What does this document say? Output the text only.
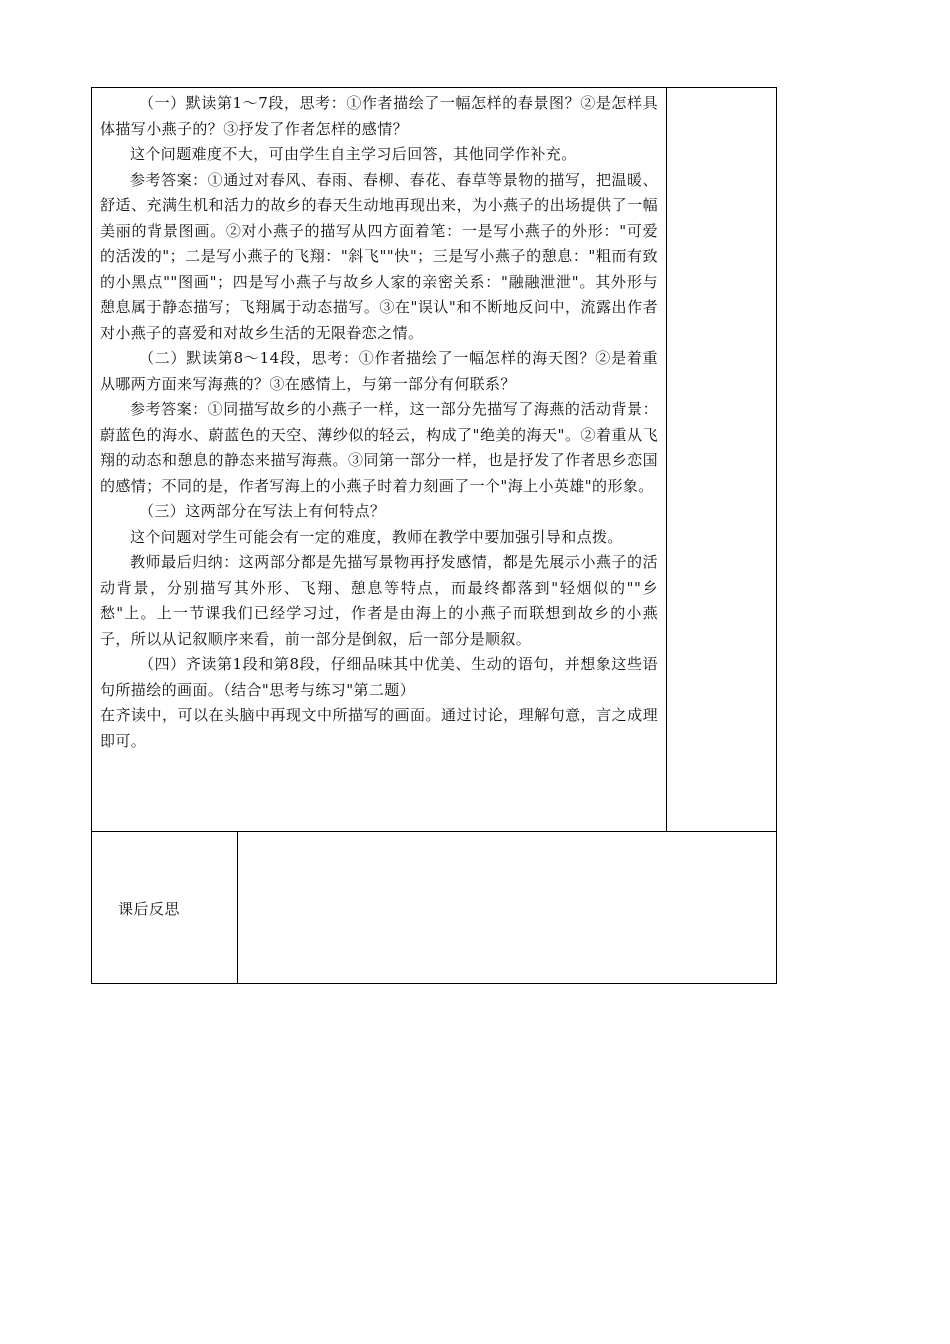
（一）默读第1～7段，思考：①作者描绘了一幅怎样的春景图？②是怎样具体描写小燕子的？③抒发了作者怎样的感情？

这个问题难度不大，可由学生自主学习后回答，其他同学作补充。

参考答案：①通过对春风、春雨、春柳、春花、春草等景物的描写，把温暖、舒适、充满生机和活力的故乡的春天生动地再现出来，为小燕子的出场提供了一幅美丽的背景图画。②对小燕子的描写从四方面着笔：一是写小燕子的外形："可爱的活泼的"；二是写小燕子的飞翔："斜飞""快"；三是写小燕子的憩息："粗而有致的小黑点""图画"；四是写小燕子与故乡人家的亲密关系："融融泄泄"。其外形与憩息属于静态描写；飞翔属于动态描写。③在"误认"和不断地反问中，流露出作者对小燕子的喜爱和对故乡生活的无限眷恋之情。

（二）默读第8～14段，思考：①作者描绘了一幅怎样的海天图？②是着重从哪两方面来写海燕的？③在感情上，与第一部分有何联系？

参考答案：①同描写故乡的小燕子一样，这一部分先描写了海燕的活动背景：蔚蓝色的海水、蔚蓝色的天空、薄纱似的轻云，构成了"绝美的海天"。②着重从飞翔的动态和憩息的静态来描写海燕。③同第一部分一样，也是抒发了作者思乡恋国的感情；不同的是，作者写海上的小燕子时着力刻画了一个"海上小英雄"的形象。

（三）这两部分在写法上有何特点？

这个问题对学生可能会有一定的难度，教师在教学中要加强引导和点拨。

教师最后归纳：这两部分都是先描写景物再抒发感情，都是先展示小燕子的活动背景，分别描写其外形、飞翔、憩息等特点，而最终都落到"轻烟似的""乡愁"上。上一节课我们已经学习过，作者是由海上的小燕子而联想到故乡的小燕子，所以从记叙顺序来看，前一部分是倒叙，后一部分是顺叙。

（四）齐读第1段和第8段，仔细品味其中优美、生动的语句，并想象这些语句所描绘的画面。（结合"思考与练习"第二题）

在齐读中，可以在头脑中再现文中所描写的画面。通过讨论，理解句意，言之成理即可。

课后反思
